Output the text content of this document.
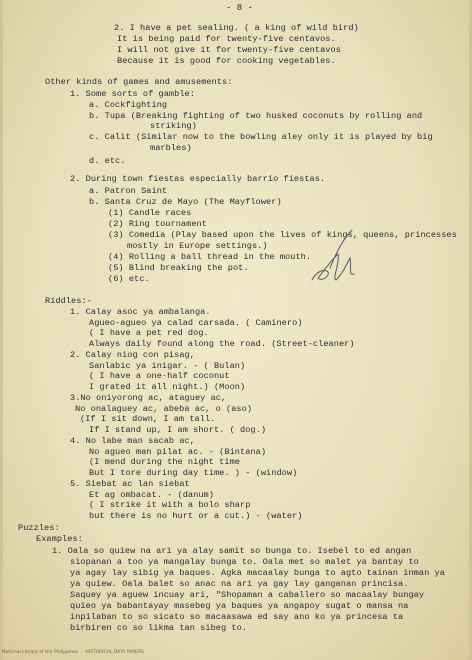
- 8 -
2. I have a pet sealing. ( a king of wild bird)
It is being paid for twenty-five centavos.
I will not give it for twenty-five centavos
Because it is good for cooking vegetables.
Other kinds of games and amusements:
1. Some sorts of gamble:
a. Cockfighting
b. Tupa (Breaking fighting of two husked coconuts by rolling and
striking)
c. Calit (Similar now to the bowling aley only it is played by big
marbles)
d. etc.
2. During town fiestas especially barrio fiestas.
a. Patron Saint
b. Santa Cruz de Mayo (The Mayflower)
(1) Candle races
(2) Ring tournament
(3) Comedia (Play based upon the lives of kings, queens, princesses
mostly in Europe settings.)
(4) Rolling a ball thread in the mouth.
(5) Blind breaking the pot.
(6) etc.
Riddles:-
1. Calay asoc ya ambalanga.
Agueo-agueo ya calad carsada. ( Caminero)
( I have a pet red dog.
Always daily found along the road. (Street-cleaner)
2. Calay niog con pisag,
Sanlabic ya inigar. - ( Bulan)
( I have a one-half coconut
I grated it all night.) (Moon)
3.No oniyorong ac, ataguey ac,
No onalaguey ac, abeba ac, o (aso)
(If I sit down, I am tall.
If I stand up, I am short. ( dog.)
4. No labe man sacab ac,
No agueo man pilat ac. - (Bintana)
(I mend during the night time
But I tore during day time. ) - (window)
5. Siebat ac lan siebat
Et ag ombacat. - (danum)
( I strike it with a bolo sharp
but there is no hurt or a cut.) - (water)
Puzzles:
Examples:
1. Oala so quiew na ari ya alay samit so bunga to. Isebel to ed angan
siopanan a too ya mangalay bunga to. Oala met so malet ya bantay to
ya agay lay sibig ya baques. Agka macaalay bunga to agto tainan inman ya
ya quiew. Oala balet so anac na ari ya gay lay ganganan princisa.
Saquey ya aguew incuay ari, "Shopaman a caballero so macaalay bungay
quieo ya babantayay masebeg ya baques ya angapoy sugat o mansa na
inpilaban to so sicato so macaasawa ed say ano ko ya princesa ta
birbiren co so likma tan sibeg to.
National Library of the Philippines  ·  HISTORICAL DATA PAPERS
